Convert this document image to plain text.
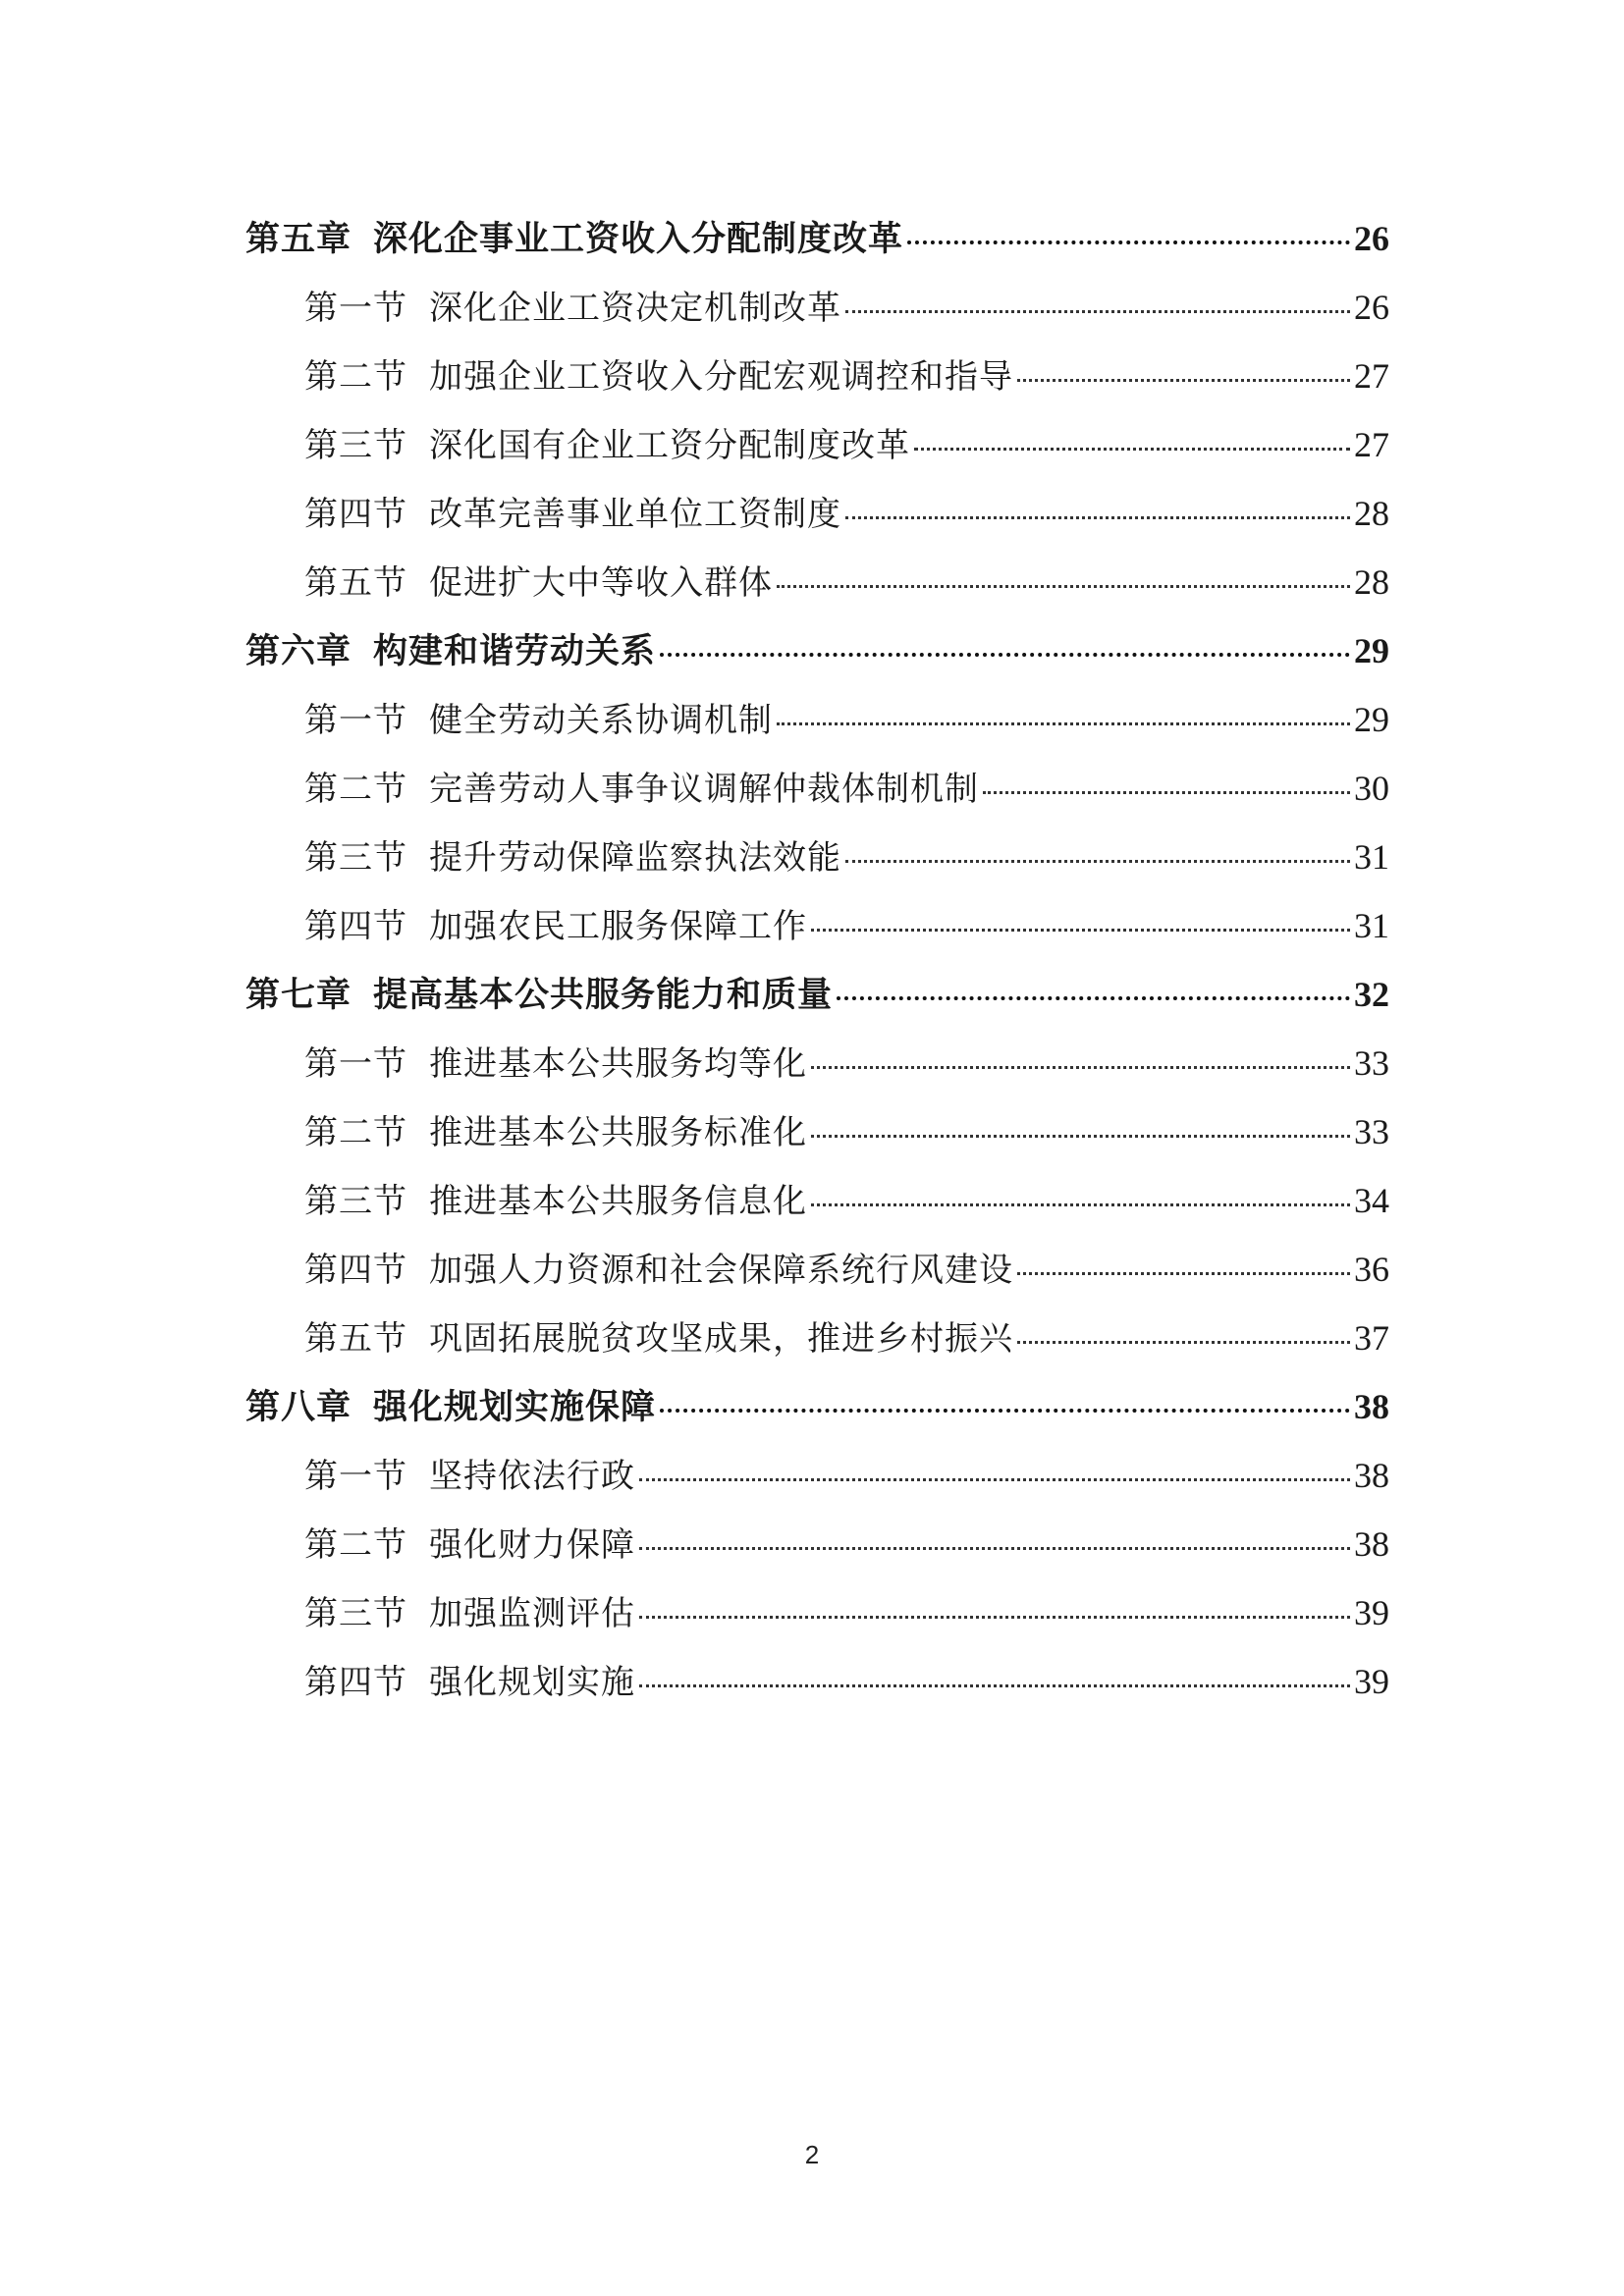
第五章 深化企事业工资收入分配制度改革	26
第一节 深化企业工资决定机制改革	26
第二节 加强企业工资收入分配宏观调控和指导	27
第三节 深化国有企业工资分配制度改革	27
第四节 改革完善事业单位工资制度	28
第五节 促进扩大中等收入群体	28
第六章 构建和谐劳动关系	29
第一节 健全劳动关系协调机制	29
第二节 完善劳动人事争议调解仲裁体制机制	30
第三节 提升劳动保障监察执法效能	31
第四节 加强农民工服务保障工作	31
第七章 提高基本公共服务能力和质量	32
第一节 推进基本公共服务均等化	33
第二节 推进基本公共服务标准化	33
第三节 推进基本公共服务信息化	34
第四节 加强人力资源和社会保障系统行风建设	36
第五节 巩固拓展脱贫攻坚成果，推进乡村振兴	37
第八章 强化规划实施保障	38
第一节 坚持依法行政	38
第二节 强化财力保障	38
第三节 加强监测评估	39
第四节 强化规划实施	39
2
